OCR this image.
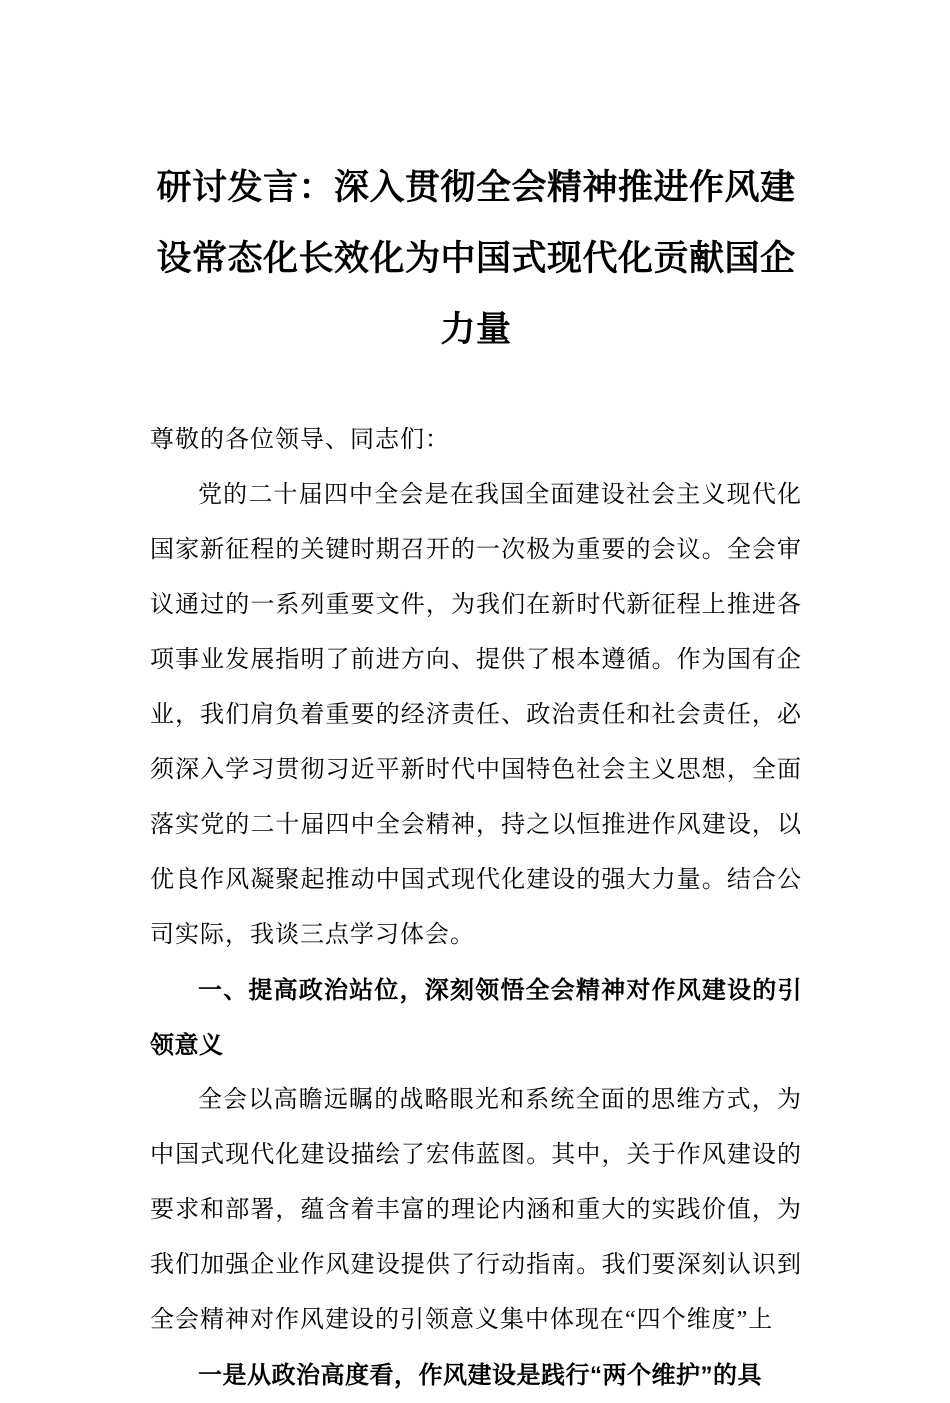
研讨发言：深入贯彻全会精神推进作风建设常态化长效化为中国式现代化贡献国企力量

尊敬的各位领导、同志们：

党的二十届四中全会是在我国全面建设社会主义现代化国家新征程的关键时期召开的一次极为重要的会议。全会审议通过的一系列重要文件，为我们在新时代新征程上推进各项事业发展指明了前进方向、提供了根本遵循。作为国有企业，我们肩负着重要的经济责任、政治责任和社会责任，必须深入学习贯彻习近平新时代中国特色社会主义思想，全面落实党的二十届四中全会精神，持之以恒推进作风建设，以优良作风凝聚起推动中国式现代化建设的强大力量。结合公司实际，我谈三点学习体会。

一、提高政治站位，深刻领悟全会精神对作风建设的引领意义

全会以高瞻远瞩的战略眼光和系统全面的思维方式，为中国式现代化建设描绘了宏伟蓝图。其中，关于作风建设的要求和部署，蕴含着丰富的理论内涵和重大的实践价值，为我们加强企业作风建设提供了行动指南。我们要深刻认识到全会精神对作风建设的引领意义集中体现在“四个维度”上

一是从政治高度看，作风建设是践行“两个维护”的具
